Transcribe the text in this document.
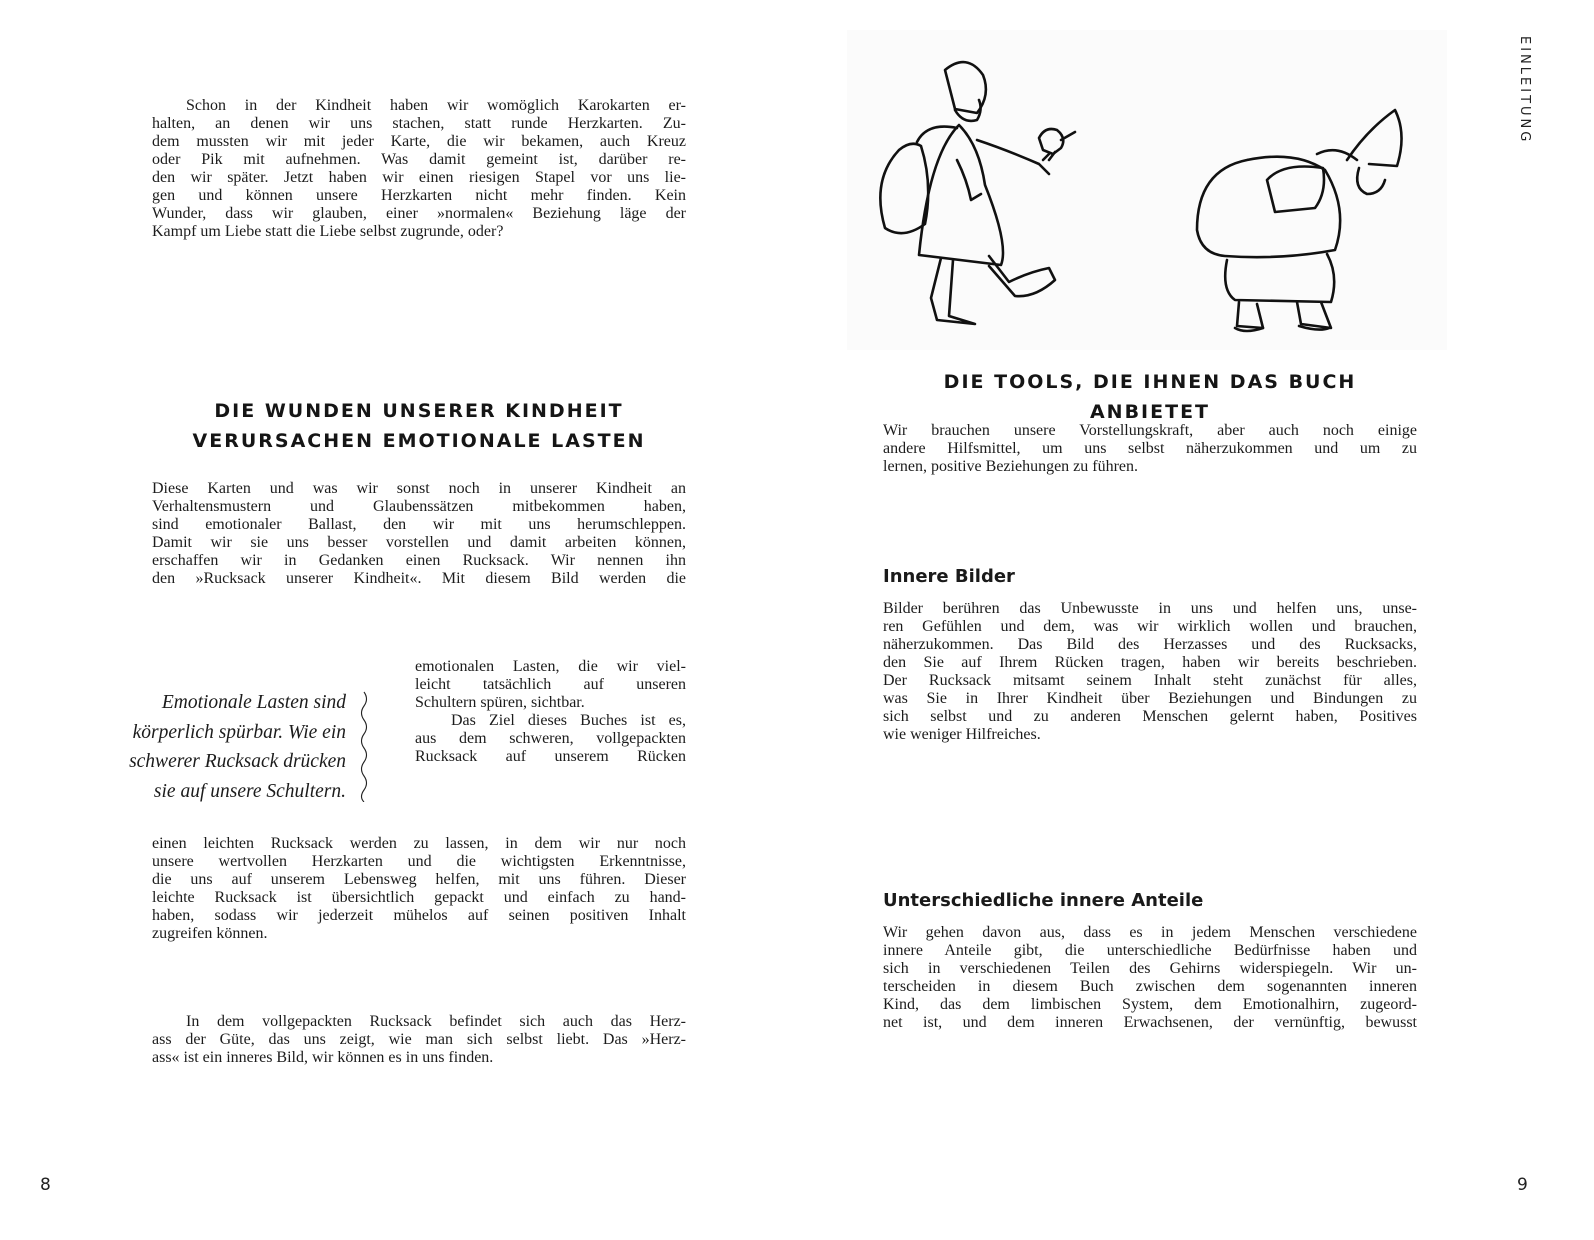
Schon in der Kindheit haben wir womöglich Karokarten er-
halten, an denen wir uns stachen, statt runde Herzkarten. Zu-
dem mussten wir mit jeder Karte, die wir bekamen, auch Kreuz
oder Pik mit aufnehmen. Was damit gemeint ist, darüber re-
den wir später. Jetzt haben wir einen riesigen Stapel vor uns lie-
gen und können unsere Herzkarten nicht mehr finden. Kein
Wunder, dass wir glauben, einer »normalen« Beziehung läge der
Kampf um Liebe statt die Liebe selbst zugrunde, oder?

DIE WUNDEN UNSERER KINDHEIT

VERURSACHEN EMOTIONALE LASTEN

Diese Karten und was wir sonst noch in unserer Kindheit an
Verhaltensmustern und Glaubenssätzen mitbekommen haben,
sind emotionaler Ballast, den wir mit uns herumschleppen.
Damit wir sie uns besser vorstellen und damit arbeiten können,
erschaffen wir in Gedanken einen Rucksack. Wir nennen ihn
den »Rucksack unserer Kindheit«. Mit diesem Bild werden die
emotionalen Lasten, die wir viel-
leicht tatsächlich auf unseren
Schultern spüren, sichtbar.
Das Ziel dieses Buches ist es,
aus dem schweren, vollgepackten
Rucksack auf unserem Rücken
Emotionale Lasten sind
körperlich spürbar. Wie ein
schwerer Rucksack drücken
sie auf unsere Schultern.
einen leichten Rucksack werden zu lassen, in dem wir nur noch
unsere wertvollen Herzkarten und die wichtigsten Erkenntnisse,
die uns auf unserem Lebensweg helfen, mit uns führen. Dieser
leichte Rucksack ist übersichtlich gepackt und einfach zu hand-
haben, sodass wir jederzeit mühelos auf seinen positiven Inhalt
zugreifen können.
In dem vollgepackten Rucksack befindet sich auch das Herz-
ass der Güte, das uns zeigt, wie man sich selbst liebt. Das »Herz-
ass« ist ein inneres Bild, wir können es in uns finden.
8
EINLEITUNG

DIE TOOLS, DIE IHNEN DAS BUCH ANBIETET

Wir brauchen unsere Vorstellungskraft, aber auch noch einige
andere Hilfsmittel, um uns selbst näherzukommen und um zu
lernen, positive Beziehungen zu führen.

Innere Bilder

Bilder berühren das Unbewusste in uns und helfen uns, unse-
ren Gefühlen und dem, was wir wirklich wollen und brauchen,
näherzukommen. Das Bild des Herzasses und des Rucksacks,
den Sie auf Ihrem Rücken tragen, haben wir bereits beschrieben.
Der Rucksack mitsamt seinem Inhalt steht zunächst für alles,
was Sie in Ihrer Kindheit über Beziehungen und Bindungen zu
sich selbst und zu anderen Menschen gelernt haben, Positives
wie weniger Hilfreiches.

Unterschiedliche innere Anteile

Wir gehen davon aus, dass es in jedem Menschen verschiedene
innere Anteile gibt, die unterschiedliche Bedürfnisse haben und
sich in verschiedenen Teilen des Gehirns widerspiegeln. Wir un-
terscheiden in diesem Buch zwischen dem sogenannten inneren
Kind, das dem limbischen System, dem Emotionalhirn, zugeord-
net ist, und dem inneren Erwachsenen, der vernünftig, bewusst
9
